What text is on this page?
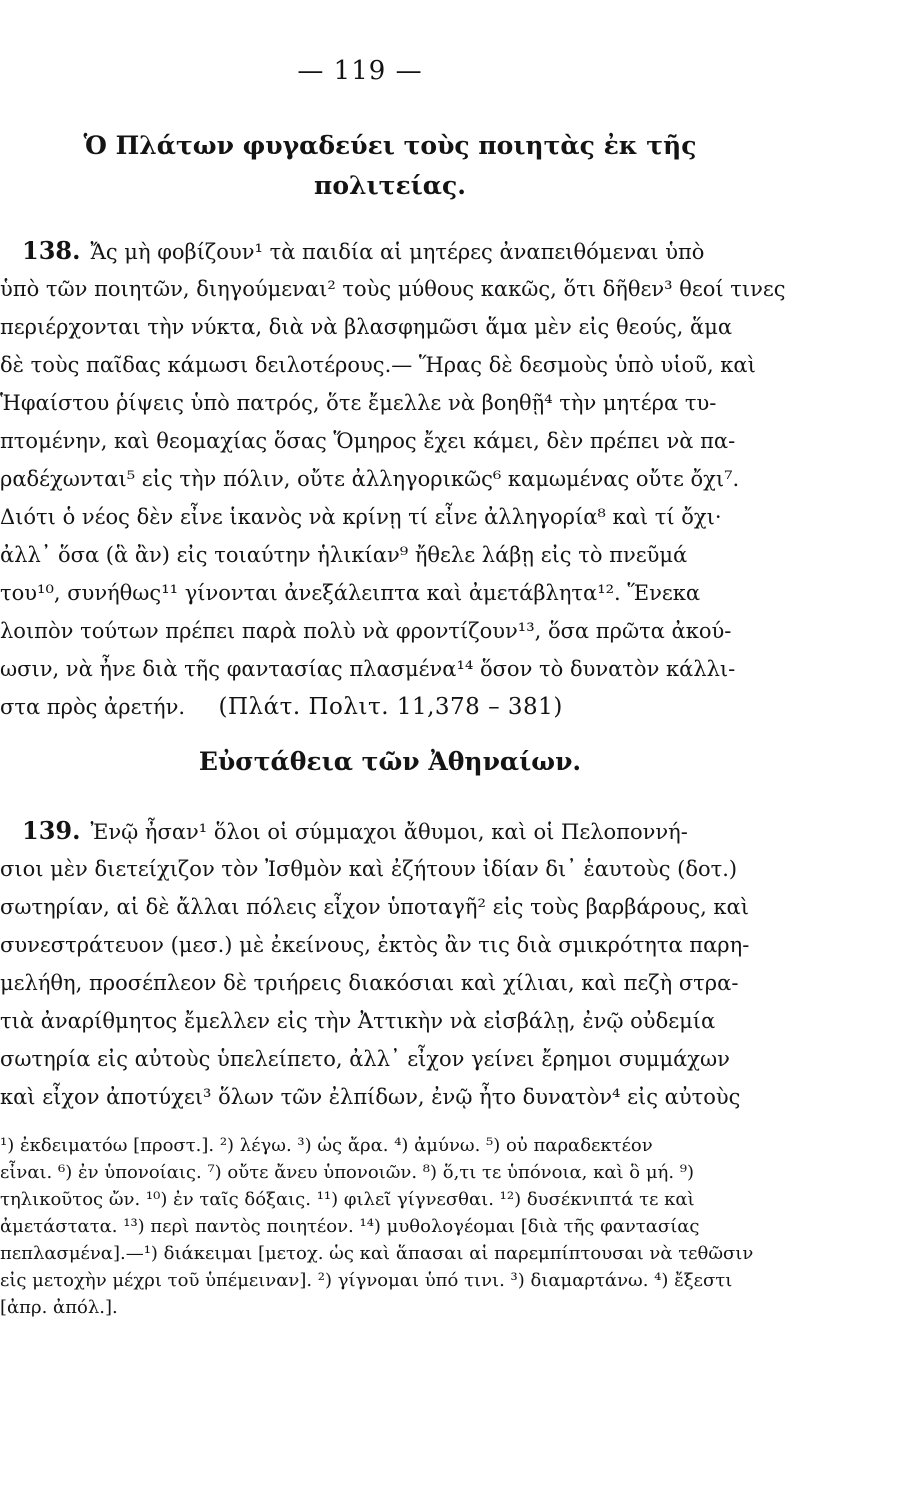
— 119 —
Ὁ Πλάτων φυγαδεύει τοὺς ποιητὰς ἐκ τῆς πολιτείας.
138. Ἄς μὴ φοβίζουν¹ τὰ παιδία αἱ μητέρες ἀναπειθόμεναι ὑπὸ
ὑπὸ τῶν ποιητῶν, διηγούμεναι² τοὺς μύθους κακῶς, ὅτι δῆθεν³ θεοί τινες
περιέρχονται τὴν νύκτα, διὰ νὰ βλασφημῶσι ἅμα μὲν εἰς θεούς, ἅμα
δὲ τοὺς παῖδας κάμωσι δειλοτέρους.— Ἥρας δὲ δεσμοὺς ὑπὸ υἱοῦ, καὶ
Ἡφαίστου ῥίψεις ὑπὸ πατρός, ὅτε ἔμελλε νὰ βοηθῇ⁴ τὴν μητέρα τυ-
πτομένην, καὶ θεομαχίας ὅσας Ὅμηρος ἔχει κάμει, δὲν πρέπει νὰ πα-
ραδέχωνται⁵ εἰς τὴν πόλιν, οὔτε ἀλληγορικῶς⁶ καμωμένας οὔτε ὄχι⁷.
Διότι ὁ νέος δὲν εἶνε ἱκανὸς νὰ κρίνῃ τί εἶνε ἀλληγορία⁸ καὶ τί ὄχι·
ἀλλ᾽ ὅσα (ἃ ἂν) εἰς τοιαύτην ἡλικίαν⁹ ἤθελε λάβῃ εἰς τὸ πνεῦμά
του¹⁰, συνήθως¹¹ γίνονται ἀνεξάλειπτα καὶ ἀμετάβλητα¹². Ἕνεκα
λοιπὸν τούτων πρέπει παρὰ πολὺ νὰ φροντίζουν¹³, ὅσα πρῶτα ἀκού-
ωσιν, νὰ ἦνε διὰ τῆς φαντασίας πλασμένα¹⁴ ὅσον τὸ δυνατὸν κάλλι-
στα πρὸς ἀρετήν. (Πλάτ. Πολιτ. 11,378 – 381)
Εὐστάθεια τῶν Ἀθηναίων.
139. Ἐνῷ ἦσαν¹ ὅλοι οἱ σύμμαχοι ἄθυμοι, καὶ οἱ Πελοποννή-
σιοι μὲν διετείχιζον τὸν Ἰσθμὸν καὶ ἐζήτουν ἰδίαν δι᾽ ἑαυτοὺς (δοτ.)
σωτηρίαν, αἱ δὲ ἄλλαι πόλεις εἶχον ὑποταγῆ² εἰς τοὺς βαρβάρους, καὶ
συνεστράτευον (μεσ.) μὲ ἐκείνους, ἐκτὸς ἂν τις διὰ σμικρότητα παρη-
μελήθη, προσέπλεον δὲ τριήρεις διακόσιαι καὶ χίλιαι, καὶ πεζὴ στρα-
τιὰ ἀναρίθμητος ἔμελλεν εἰς τὴν Ἀττικὴν νὰ εἰσβάλῃ, ἐνῷ οὐδεμία
σωτηρία εἰς αὐτοὺς ὑπελείπετο, ἀλλ᾽ εἶχον γείνει ἔρημοι συμμάχων
καὶ εἶχον ἀποτύχει³ ὅλων τῶν ἐλπίδων, ἐνῷ ἦτο δυνατὸν⁴ εἰς αὐτοὺς
¹) ἐκδειματόω [προστ.]. ²) λέγω. ³) ὡς ἄρα. ⁴) ἀμύνω. ⁵) οὐ παραδεκτέον
εἶναι. ⁶) ἐν ὑπονοίαις. ⁷) οὔτε ἄνευ ὑπονοιῶν. ⁸) ὅ,τι τε ὑπόνοια, καὶ ὃ μή. ⁹)
τηλικοῦτος ὤν. ¹⁰) ἐν ταῖς δόξαις. ¹¹) φιλεῖ γίγνεσθαι. ¹²) δυσέκνιπτά τε καὶ
ἀμετάστατα. ¹³) περὶ παντὸς ποιητέον. ¹⁴) μυθολογέομαι [διὰ τῆς φαντασίας
πεπλασμένα].—¹) διάκειμαι [μετοχ. ὡς καὶ ἅπασαι αἱ παρεμπίπτουσαι νὰ τεθῶσιν
εἰς μετοχὴν μέχρι τοῦ ὑπέμειναν]. ²) γίγνομαι ὑπό τινι. ³) διαμαρτάνω. ⁴) ἔξεστι
[ἀπρ. ἀπόλ.].
